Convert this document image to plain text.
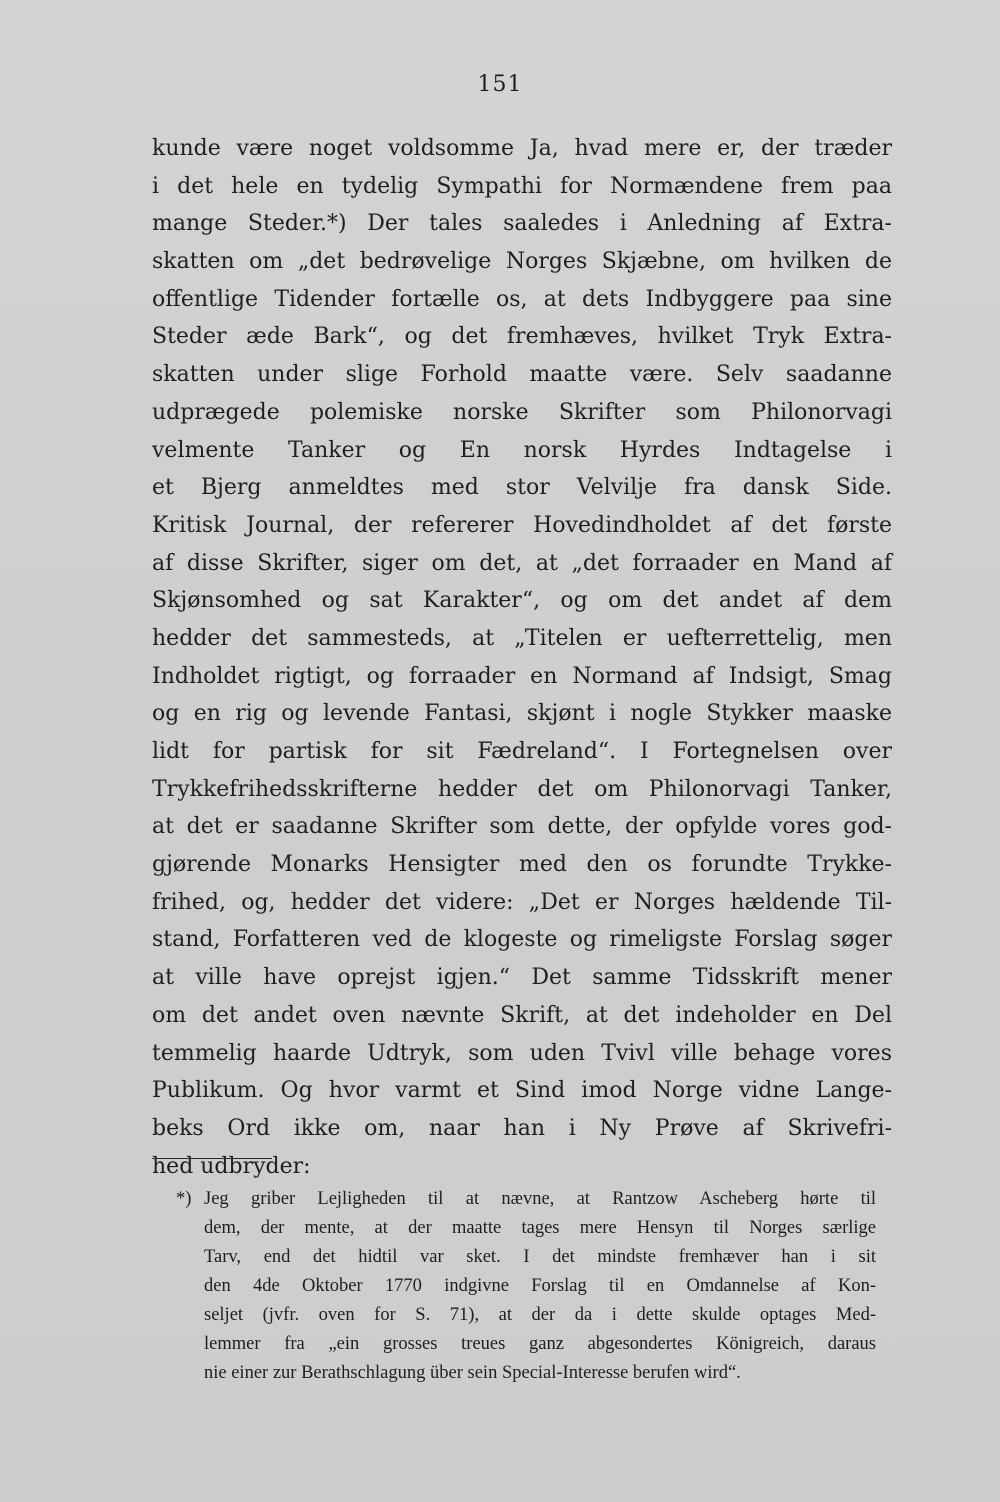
151
kunde være noget voldsomme Ja, hvad mere er, der træder
i det hele en tydelig Sympathi for Normændene frem paa
mange Steder.*) Der tales saaledes i Anledning af Extra-
skatten om „det bedrøvelige Norges Skjæbne, om hvilken de
offentlige Tidender fortælle os, at dets Indbyggere paa sine
Steder æde Bark“, og det fremhæves, hvilket Tryk Extra-
skatten under slige Forhold maatte være. Selv saadanne
udprægede polemiske norske Skrifter som Philonorvagi
velmente Tanker og En norsk Hyrdes Indtagelse i
et Bjerg anmeldtes med stor Velvilje fra dansk Side.
Kritisk Journal, der refererer Hovedindholdet af det første
af disse Skrifter, siger om det, at „det forraader en Mand af
Skjønsomhed og sat Karakter“, og om det andet af dem
hedder det sammesteds, at „Titelen er uefterrettelig, men
Indholdet rigtigt, og forraader en Normand af Indsigt, Smag
og en rig og levende Fantasi, skjønt i nogle Stykker maaske
lidt for partisk for sit Fædreland“. I Fortegnelsen over
Trykkefrihedsskrifterne hedder det om Philonorvagi Tanker,
at det er saadanne Skrifter som dette, der opfylde vores god-
gjørende Monarks Hensigter med den os forundte Trykke-
frihed, og, hedder det videre: „Det er Norges hældende Til-
stand, Forfatteren ved de klogeste og rimeligste Forslag søger
at ville have oprejst igjen.“ Det samme Tidsskrift mener
om det andet oven nævnte Skrift, at det indeholder en Del
temmelig haarde Udtryk, som uden Tvivl ville behage vores
Publikum. Og hvor varmt et Sind imod Norge vidne Lange-
beks Ord ikke om, naar han i Ny Prøve af Skrivefri-
hed udbryder:
*) Jeg griber Lejligheden til at nævne, at Rantzow Ascheberg hørte til
dem, der mente, at der maatte tages mere Hensyn til Norges særlige
Tarv, end det hidtil var sket. I det mindste fremhæver han i sit
den 4de Oktober 1770 indgivne Forslag til en Omdannelse af Kon-
seljet (jvfr. oven for S. 71), at der da i dette skulde optages Med-
lemmer fra „ein grosses treues ganz abgesondertes Königreich, daraus
nie einer zur Berathschlagung über sein Special-Interesse berufen wird“.
